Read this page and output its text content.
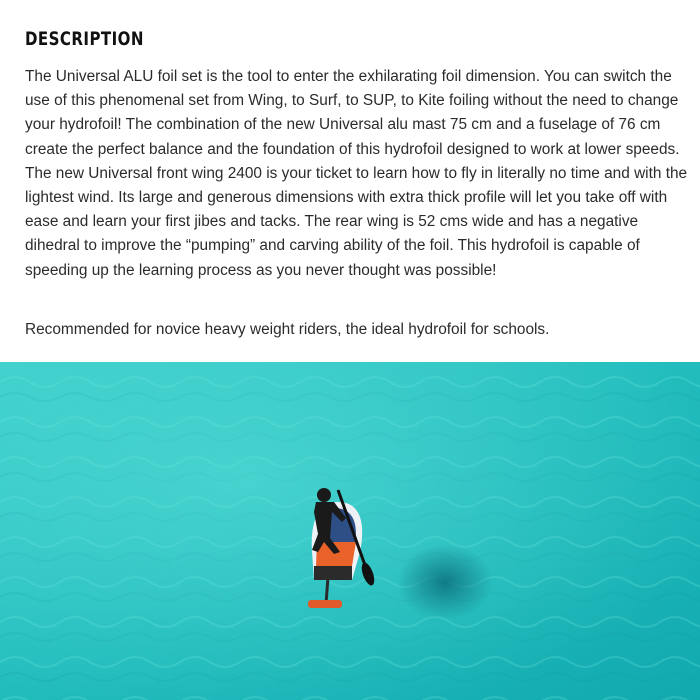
DESCRIPTION

The Universal ALU foil set is the tool to enter the exhilarating foil dimension. You can switch the use of this phenomenal set from Wing, to Surf, to SUP, to Kite foiling without the need to change your hydrofoil! The combination of the new Universal alu mast 75 cm and a fuselage of 76 cm create the perfect balance and the foundation of this hydrofoil designed to work at lower speeds. The new Universal front wing 2400 is your ticket to learn how to fly in literally no time and with the lightest wind. Its large and generous dimensions with extra thick profile will let you take off with ease and learn your first jibes and tacks. The rear wing is 52 cms wide and has a negative dihedral to improve the “pumping” and carving ability of the foil. This hydrofoil is capable of speeding up the learning process as you never thought was possible!

Recommended for novice heavy weight riders, the ideal hydrofoil for schools.
